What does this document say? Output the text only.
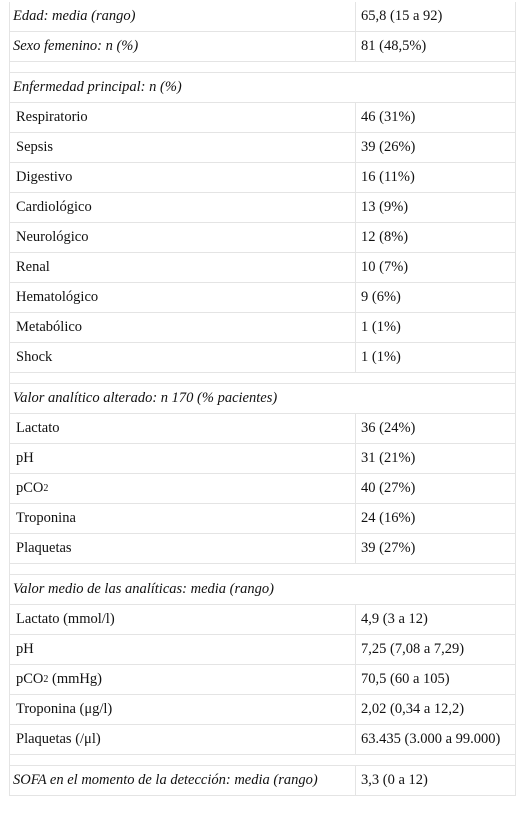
Edad: media (rango)	65,8 (15 a 92)
Sexo femenino: n (%)	81 (48,5%)
Enfermedad principal: n (%)
Respiratorio	46 (31%)
Sepsis	39 (26%)
Digestivo	16 (11%)
Cardiológico	13 (9%)
Neurológico	12 (8%)
Renal	10 (7%)
Hematológico	9 (6%)
Metabólico	1 (1%)
Shock	1 (1%)
Valor analítico alterado: n 170 (% pacientes)
Lactato	36 (24%)
pH	31 (21%)
pCO 2	40 (27%)
Troponina	24 (16%)
Plaquetas	39 (27%)
Valor medio de las analíticas: media (rango)
Lactato (mmol/l)	4,9 (3 a 12)
pH	7,25 (7,08 a 7,29)
pCO 2 (mmHg)	70,5 (60 a 105)
Troponina (μg/l)	2,02 (0,34 a 12,2)
Plaquetas (/μl)	63.435 (3.000 a 99.000)
SOFA en el momento de la detección: media (rango)	3,3 (0 a 12)
